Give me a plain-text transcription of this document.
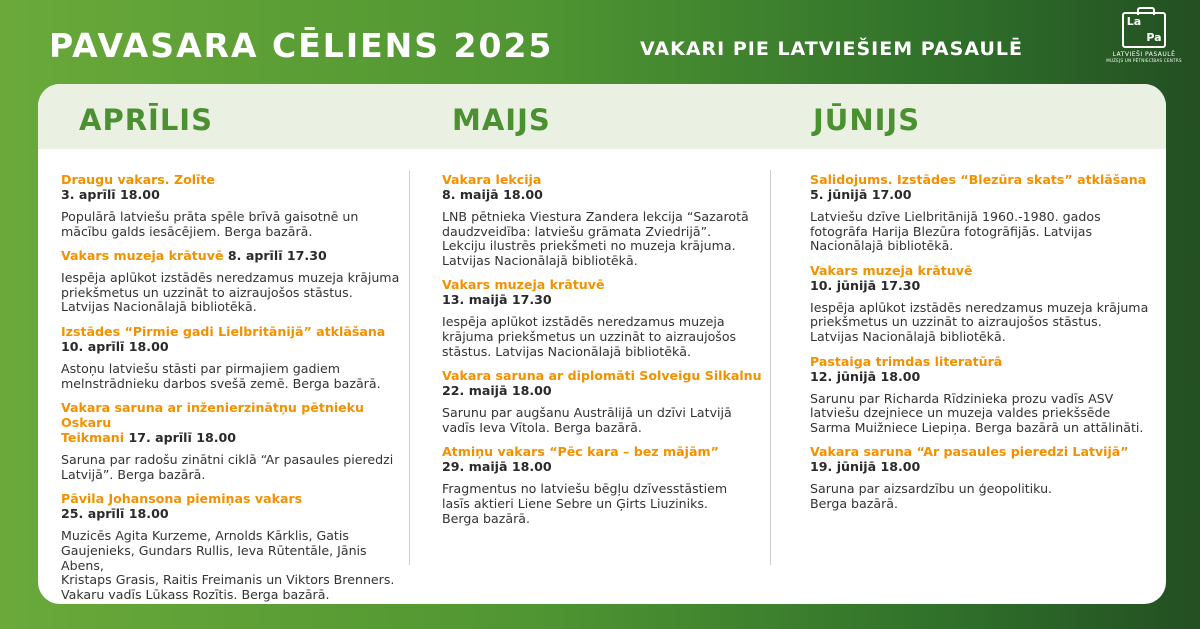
PAVASARA CĒLIENS 2025	VAKARI PIE LATVIEŠIEM PASAULĒ
La
Pa
LATVIEŠI PASAULĒ
MUZEJS UN PĒTNIECĪBAS CENTRS
APRĪLIS	MAIJS	JŪNIJS
Draugu vakars. Zolīte
3. aprīlī 18.00
Populārā latviešu prāta spēle brīvā gaisotnē un
mācību galds iesācējiem. Berga bazārā.
Vakars muzeja krātuvē 8. aprīlī 17.30
Iespēja aplūkot izstādēs neredzamus muzeja krājuma
priekšmetus un uzzināt to aizraujošos stāstus.
Latvijas Nacionālajā bibliotēkā.
Izstādes “Pirmie gadi Lielbritānijā” atklāšana
10. aprīlī 18.00
Astoņu latviešu stāsti par pirmajiem gadiem
melnstrādnieku darbos svešā zemē. Berga bazārā.
Vakara saruna ar inženierzinātņu pētnieku Oskaru
Teikmani 17. aprīlī 18.00
Saruna par radošu zinātni ciklā “Ar pasaules pieredzi
Latvijā”. Berga bazārā.
Pāvila Johansona piemiņas vakars
25. aprīlī 18.00
Muzicēs Agita Kurzeme, Arnolds Kārklis, Gatis
Gaujenieks, Gundars Rullis, Ieva Rūtentāle, Jānis Abens,
Kristaps Grasis, Raitis Freimanis un Viktors Brenners.
Vakaru vadīs Lūkass Rozītis. Berga bazārā.
Vakara lekcija
8. maijā 18.00
LNB pētnieka Viestura Zandera lekcija “Sazarotā
daudzveidība: latviešu grāmata Zviedrijā”.
Lekciju ilustrēs priekšmeti no muzeja krājuma.
Latvijas Nacionālajā bibliotēkā.
Vakars muzeja krātuvē
13. maijā 17.30
Iespēja aplūkot izstādēs neredzamus muzeja
krājuma priekšmetus un uzzināt to aizraujošos
stāstus. Latvijas Nacionālajā bibliotēkā.
Vakara saruna ar diplomāti Solveigu Silkalnu
22. maijā 18.00
Sarunu par augšanu Austrālijā un dzīvi Latvijā
vadīs Ieva Vītola. Berga bazārā.
Atmiņu vakars “Pēc kara – bez mājām”
29. maijā 18.00
Fragmentus no latviešu bēgļu dzīvesstāstiem
lasīs aktieri Liene Sebre un Ģirts Liuziniks.
Berga bazārā.
Salidojums. Izstādes “Blezūra skats” atklāšana
5. jūnijā 17.00
Latviešu dzīve Lielbritānijā 1960.-1980. gados
fotogrāfa Harija Blezūra fotogrāfijās. Latvijas
Nacionālajā bibliotēkā.
Vakars muzeja krātuvē
10. jūnijā 17.30
Iespēja aplūkot izstādēs neredzamus muzeja krājuma
priekšmetus un uzzināt to aizraujošos stāstus.
Latvijas Nacionālajā bibliotēkā.
Pastaiga trimdas literatūrā
12. jūnijā 18.00
Sarunu par Richarda Rīdzinieka prozu vadīs ASV
latviešu dzejniece un muzeja valdes priekšsēde
Sarma Muižniece Liepiņa. Berga bazārā un attālināti.
Vakara saruna “Ar pasaules pieredzi Latvijā”
19. jūnijā 18.00
Saruna par aizsardzību un ģeopolitiku.
Berga bazārā.
